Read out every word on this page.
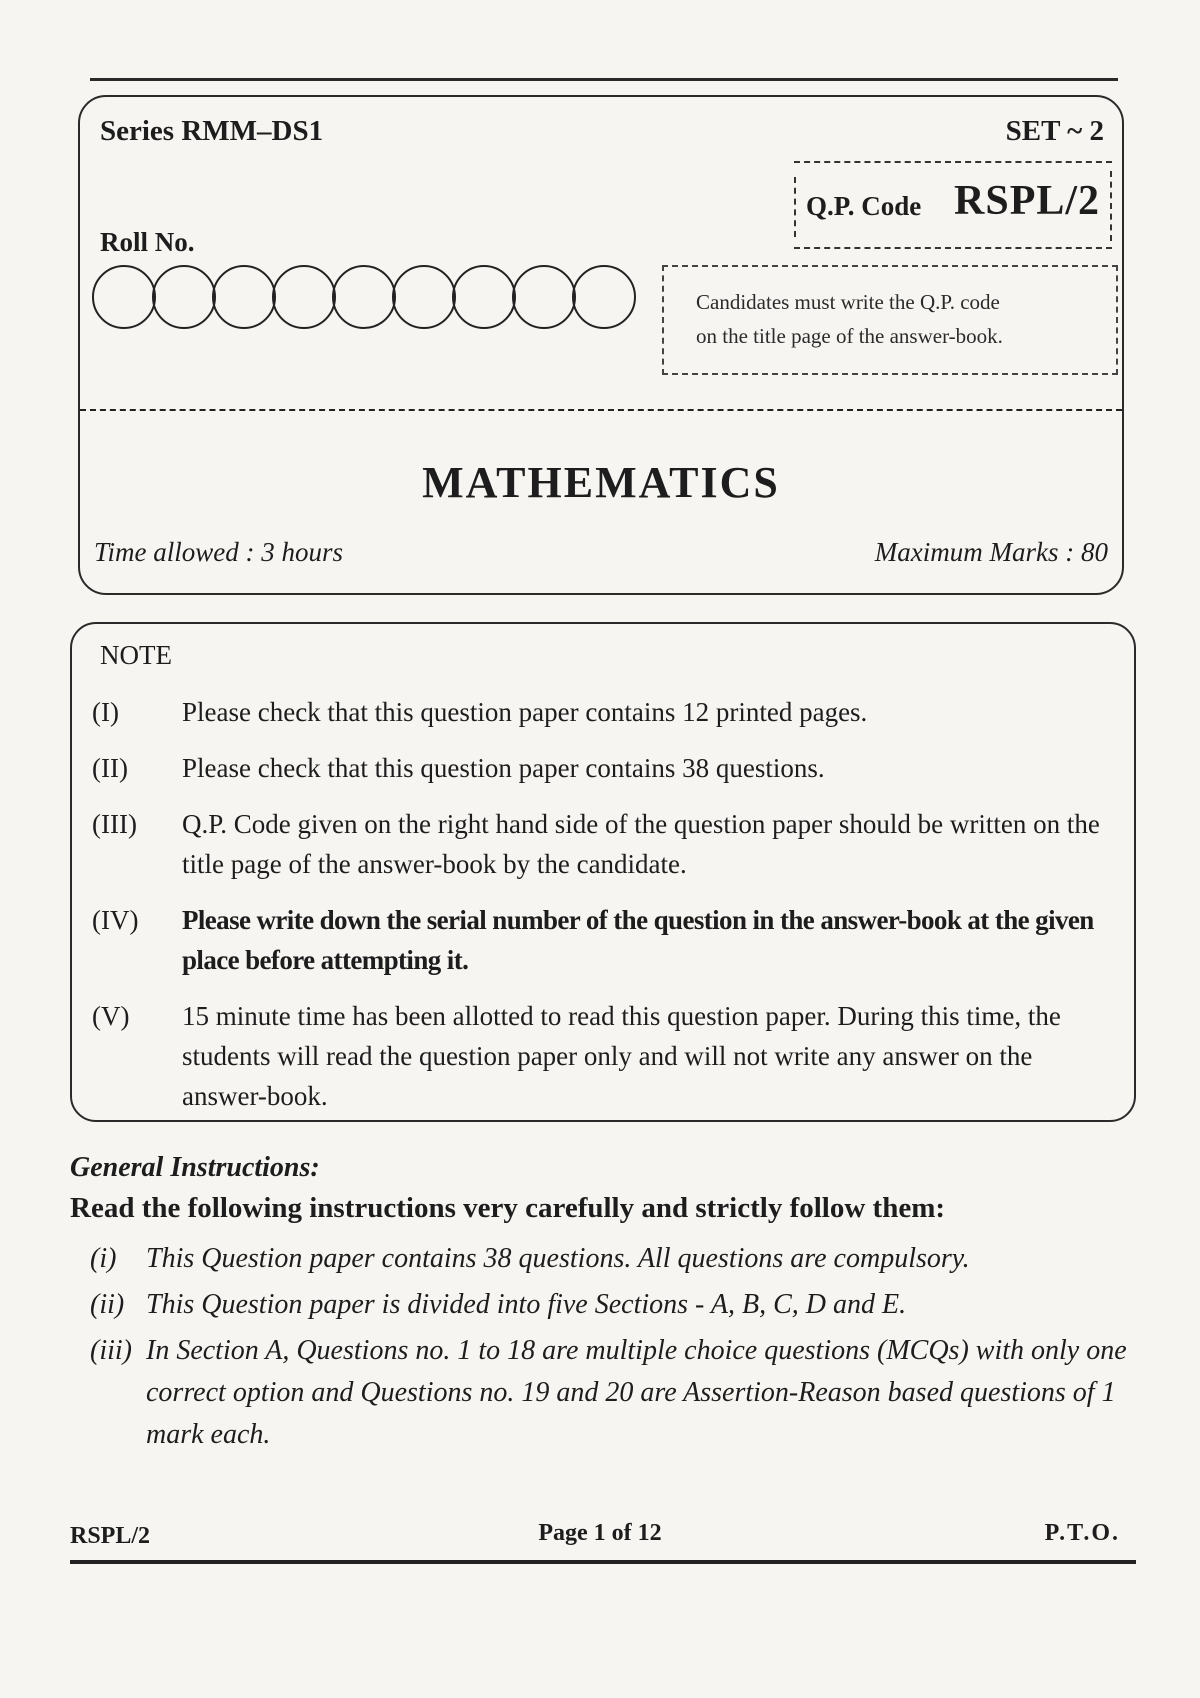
Series RMM–DS1	SET ~ 2
Q.P. Code RSPL/2
Roll No.
Candidates must write the Q.P. code
on the title page of the answer-book.
MATHEMATICS
Time allowed : 3 hours	Maximum Marks : 80
NOTE
(I)	Please check that this question paper contains 12 printed pages.
(II)	Please check that this question paper contains 38 questions.
(III)	Q.P. Code given on the right hand side of the question paper should be written on the title page of the answer-book by the candidate.
(IV)	Please write down the serial number of the question in the answer-book at the given place before attempting it.
(V)	15 minute time has been allotted to read this question paper. During this time, the students will read the question paper only and will not write any answer on the answer-book.
General Instructions:
Read the following instructions very carefully and strictly follow them:
(i) This Question paper contains 38 questions. All questions are compulsory.
(ii) This Question paper is divided into five Sections - A, B, C, D and E.
(iii) In Section A, Questions no. 1 to 18 are multiple choice questions (MCQs) with only one correct option and Questions no. 19 and 20 are Assertion-Reason based questions of 1 mark each.
RSPL/2	Page 1 of 12	P.T.O.
